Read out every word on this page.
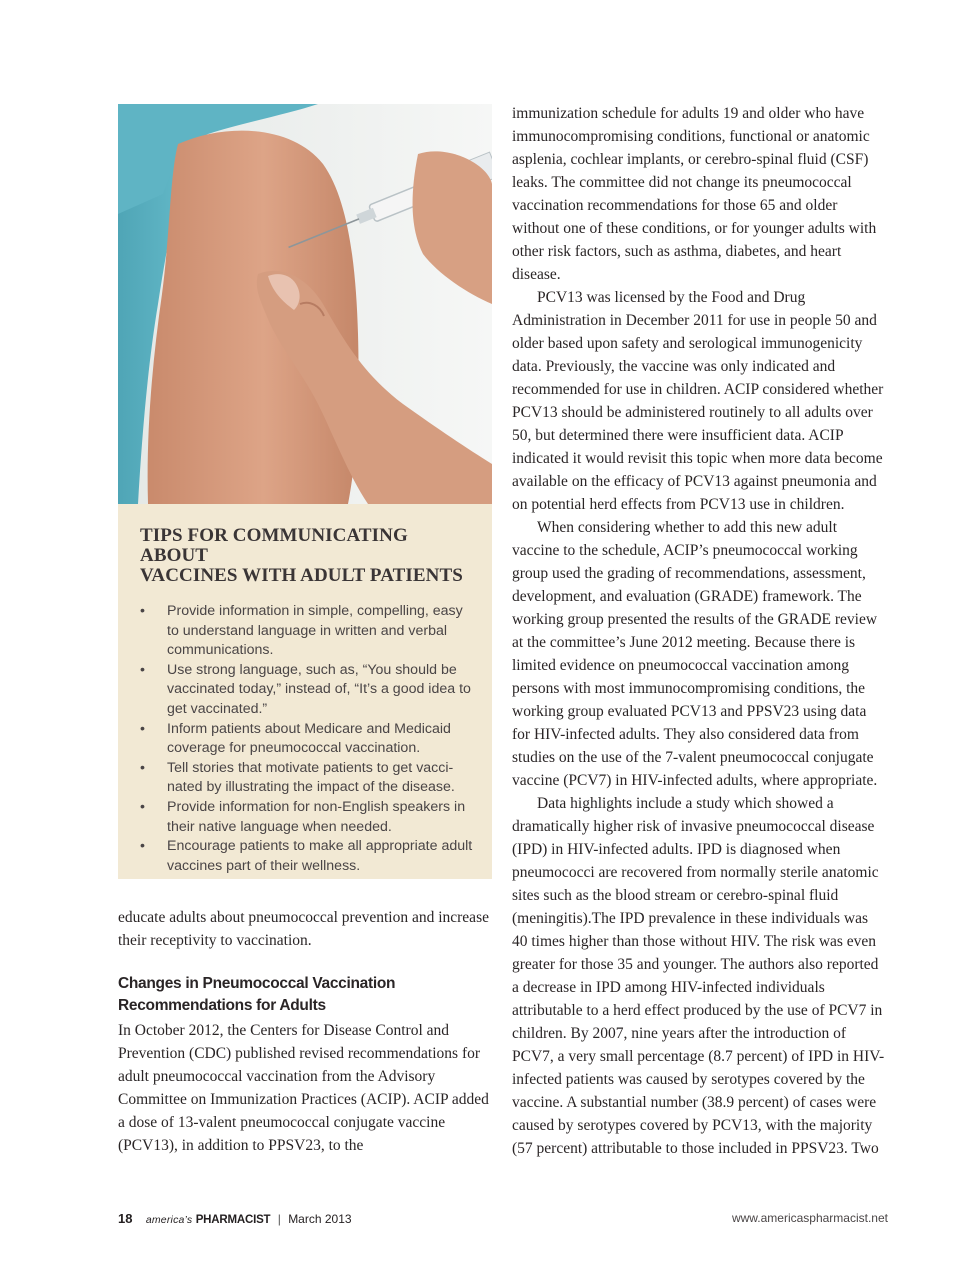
TIPS FOR COMMUNICATING ABOUT
VACCINES WITH ADULT PATIENTS
• Provide information in simple, compelling, easy to understand language in written and verbal communications.
• Use strong language, such as, “You should be vaccinated today,” instead of, “It’s a good idea to get vaccinated.”
• Inform patients about Medicare and Medicaid coverage for pneumococcal vaccination.
• Tell stories that motivate patients to get vaccinated by illustrating the impact of the disease.
• Provide information for non-English speakers in their native language when needed.
• Encourage patients to make all appropriate adult vaccines part of their wellness.

educate adults about pneumococcal prevention and increase their receptivity to vaccination.

Changes in Pneumococcal Vaccination
Recommendations for Adults

In October 2012, the Centers for Disease Control and Prevention (CDC) published revised recommendations for adult pneumococcal vaccination from the Advisory Committee on Immunization Practices (ACIP). ACIP added a dose of 13-valent pneumococcal conjugate vaccine (PCV13), in addition to PPSV23, to the

immunization schedule for adults 19 and older who have immunocompromising conditions, functional or anatomic asplenia, cochlear implants, or cerebro-spinal fluid (CSF) leaks. The committee did not change its pneumococcal vaccination recommendations for those 65 and older without one of these conditions, or for younger adults with other risk factors, such as asthma, diabetes, and heart disease.

PCV13 was licensed by the Food and Drug Administration in December 2011 for use in people 50 and older based upon safety and serological immunogenicity data. Previously, the vaccine was only indicated and recommended for use in children. ACIP considered whether PCV13 should be administered routinely to all adults over 50, but determined there were insufficient data. ACIP indicated it would revisit this topic when more data become available on the efficacy of PCV13 against pneumonia and on potential herd effects from PCV13 use in children.

When considering whether to add this new adult vaccine to the schedule, ACIP’s pneumococcal working group used the grading of recommendations, assessment, development, and evaluation (GRADE) framework. The working group presented the results of the GRADE review at the committee’s June 2012 meeting. Because there is limited evidence on pneumococcal vaccination among persons with most immunocompromising conditions, the working group evaluated PCV13 and PPSV23 using data for HIV-infected adults. They also considered data from studies on the use of the 7-valent pneumococcal conjugate vaccine (PCV7) in HIV-infected adults, where appropriate.

Data highlights include a study which showed a dramatically higher risk of invasive pneumococcal disease (IPD) in HIV-infected adults. IPD is diagnosed when pneumococci are recovered from normally sterile anatomic sites such as the blood stream or cerebro-spinal fluid (meningitis).The IPD prevalence in these individuals was 40 times higher than those without HIV. The risk was even greater for those 35 and younger. The authors also reported a decrease in IPD among HIV-infected individuals attributable to a herd effect produced by the use of PCV7 in children. By 2007, nine years after the introduction of PCV7, a very small percentage (8.7 percent) of IPD in HIV-infected patients was caused by serotypes covered by the vaccine. A substantial number (38.9 percent) of cases were caused by serotypes covered by PCV13, with the majority (57 percent) attributable to those included in PPSV23. Two

18 america’s PHARMACIST | March 2013	www.americaspharmacist.net
